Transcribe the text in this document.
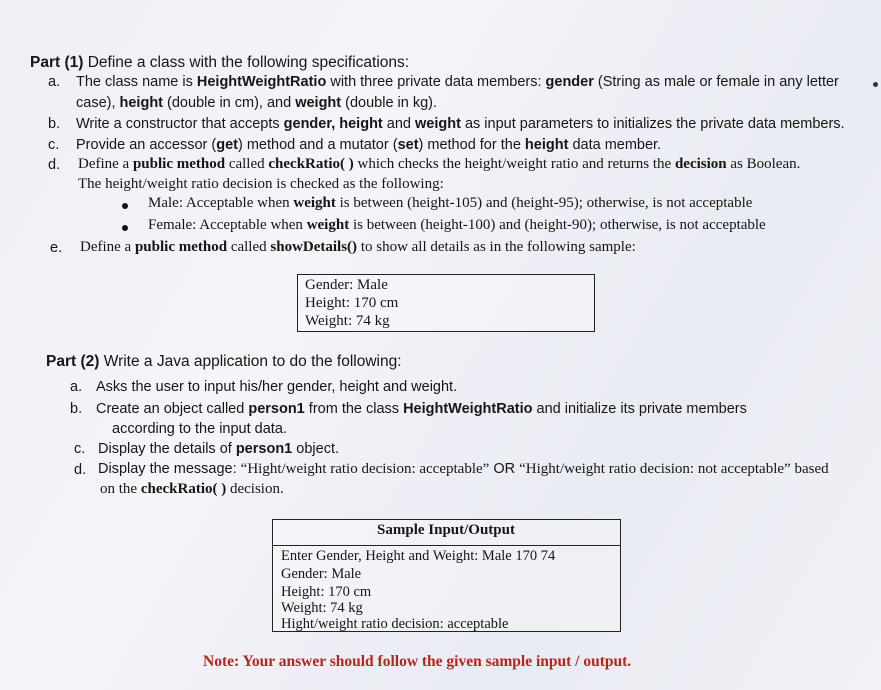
Part (1) Define a class with the following specifications:
a. The class name is HeightWeightRatio with three private data members: gender (String as male or female in any letter
case), height (double in cm), and weight (double in kg).
b. Write a constructor that accepts gender, height and weight as input parameters to initializes the private data members.
c. Provide an accessor (get) method and a mutator (set) method for the height data member.
d. Define a public method called checkRatio( ) which checks the height/weight ratio and returns the decision as Boolean.
The height/weight ratio decision is checked as the following:
Male: Acceptable when weight is between (height-105) and (height-95); otherwise, is not acceptable
Female: Acceptable when weight is between (height-100) and (height-90); otherwise, is not acceptable
e. Define a public method called showDetails() to show all details as in the following sample:
Gender: Male
Height: 170 cm
Weight: 74 kg
Part (2) Write a Java application to do the following:
a. Asks the user to input his/her gender, height and weight.
b. Create an object called person1 from the class HeightWeightRatio and initialize its private members
according to the input data.
c. Display the details of person1 object.
d. Display the message: “Hight/weight ratio decision: acceptable” OR “Hight/weight ratio decision: not acceptable” based
on the checkRatio( ) decision.
Sample Input/Output
Enter Gender, Height and Weight: Male 170 74
Gender: Male
Height: 170 cm
Weight: 74 kg
Hight/weight ratio decision: acceptable
Note: Your answer should follow the given sample input / output.
